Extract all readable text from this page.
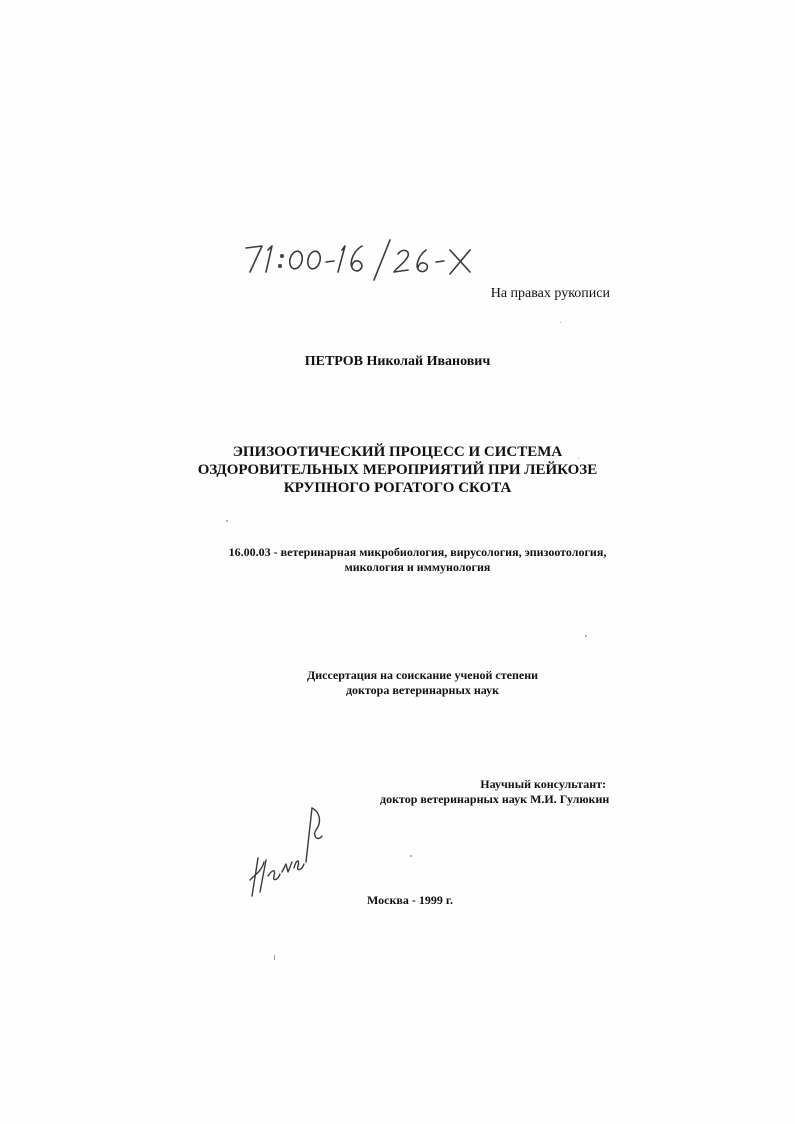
На правах рукописи
ПЕТРОВ Николай Иванович
ЭПИЗООТИЧЕСКИЙ ПРОЦЕСС И СИСТЕМА
ОЗДОРОВИТЕЛЬНЫХ МЕРОПРИЯТИЙ ПРИ ЛЕЙКОЗЕ
КРУПНОГО РОГАТОГО СКОТА
16.00.03 - ветеринарная микробиология, вирусология, эпизоотология,
микология и иммунология
Диссертация на соискание ученой степени
доктора ветеринарных наук
Научный консультант:
доктор ветеринарных наук М.И. Гулюкин
Москва - 1999 г.
